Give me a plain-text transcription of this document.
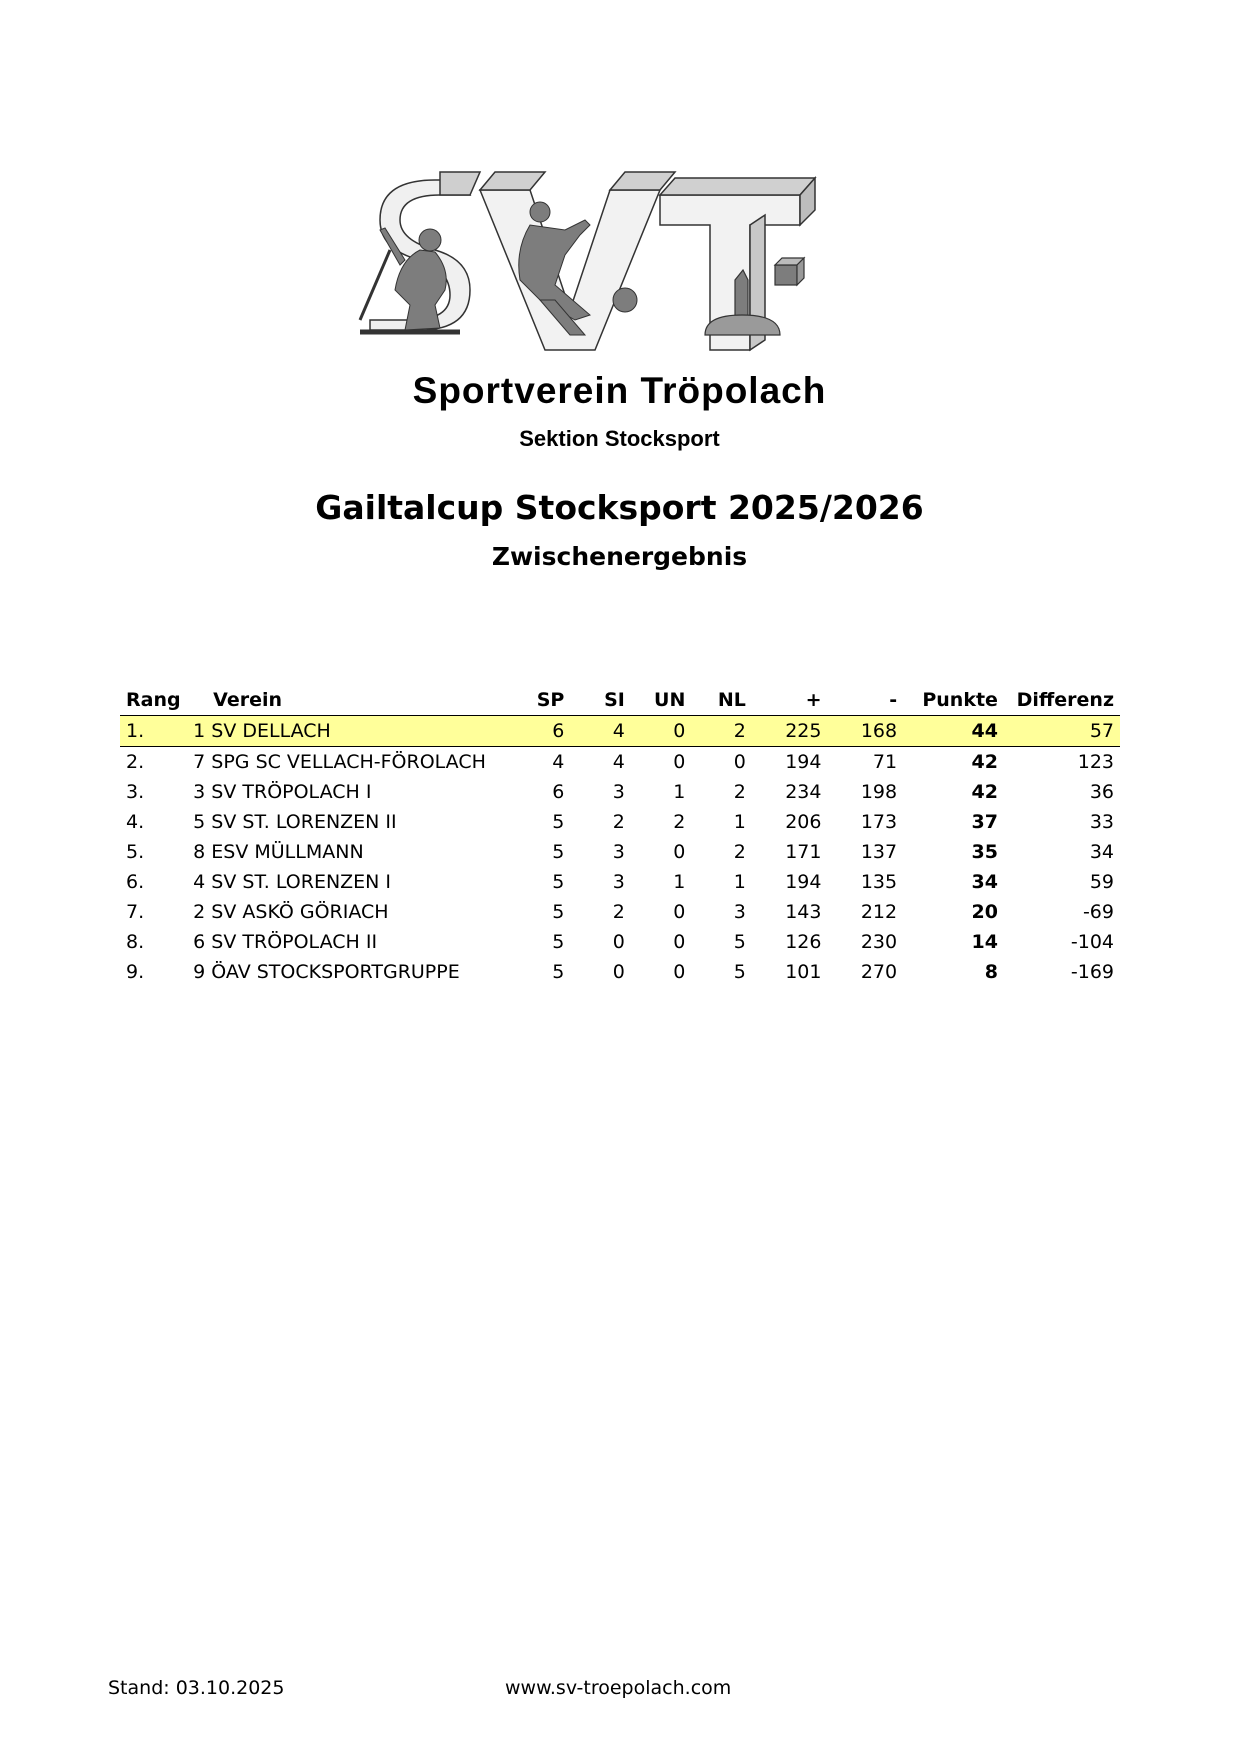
Sportverein Tröpolach
Sektion Stocksport
Gailtalcup Stocksport 2025/2026
Zwischenergebnis
Rang	Verein	SP	SI	UN	NL	+	-	Punkte	Differenz
1.	1 SV DELLACH	6	4	0	2	225	168	44	57
2.	7 SPG SC VELLACH-FÖROLACH	4	4	0	0	194	71	42	123
3.	3 SV TRÖPOLACH I	6	3	1	2	234	198	42	36
4.	5 SV ST. LORENZEN II	5	2	2	1	206	173	37	33
5.	8 ESV MÜLLMANN	5	3	0	2	171	137	35	34
6.	4 SV ST. LORENZEN I	5	3	1	1	194	135	34	59
7.	2 SV ASKÖ GÖRIACH	5	2	0	3	143	212	20	-69
8.	6 SV TRÖPOLACH II	5	0	0	5	126	230	14	-104
9.	9 ÖAV STOCKSPORTGRUPPE	5	0	0	5	101	270	8	-169
Stand: 03.10.2025	www.sv-troepolach.com
